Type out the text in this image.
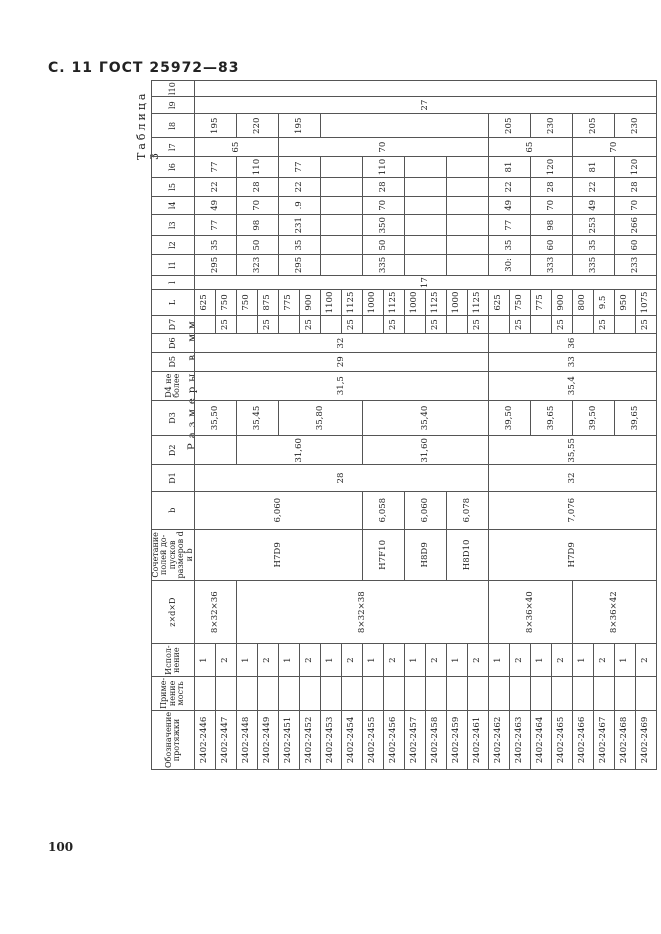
С. 11 ГОСТ 25972—83
Таблица 3
Размеры в мм
Обозначение протяжки	Применение мость	Исполнение	z×d×D	Сочетание полей допусков размеров d и b	b	D1	D2	D3	D4 не более	D5	D6	D7	L	l	l1	l2	l3	l4	l5	l6	l7	l8	l9	l10
2402-2446		1	8×32×36	H7D9	6,060	28		35,50	31,5	29	32		625	17	295	35	77	49	22	77	65	195	27	
2402-2447		2										25	750											
2402-2448		1	8×32×38				31,60	35,45					750		323	50	98	70	28	110		220		
2402-2449		2										25	875											
2402-2451		1						35,80					775		295	35	231	.9	22	77	70	195		
2402-2452		2										25	900											
2402-2453		1											1100											
2402-2454		2										25	1125											
2402-2455		1		H7F10	6,058		31,60	35,40					1000		335	50	350	70	28	110				
2402-2456		2										25	1125											
2402-2457		1		H8D9	6,060								1000											
2402-2458		2										25	1125											
2402-2459		1		H8D10	6,078								1000											
2402-2461		2										25	1125											
2402-2462		1	8×36×40	H7D9	7,076	32	35,55	39,50	35,4	33	36		625		30:	35	77	49	22	81	65	205		
2402-2463		2										25	750											
2402-2464		1						39,65					775		333	60	98	70	28	120		230		
2402-2465		2										25	900											
2402-2466		1	8×36×42					39,50					800		335	35	253	49	22	81	70	205		
2402-2467		2										25	9.5											
2402-2468		1						39,65					950		233	60	266	70	28	120		230		
2402-2469		2										25	1075											
100
